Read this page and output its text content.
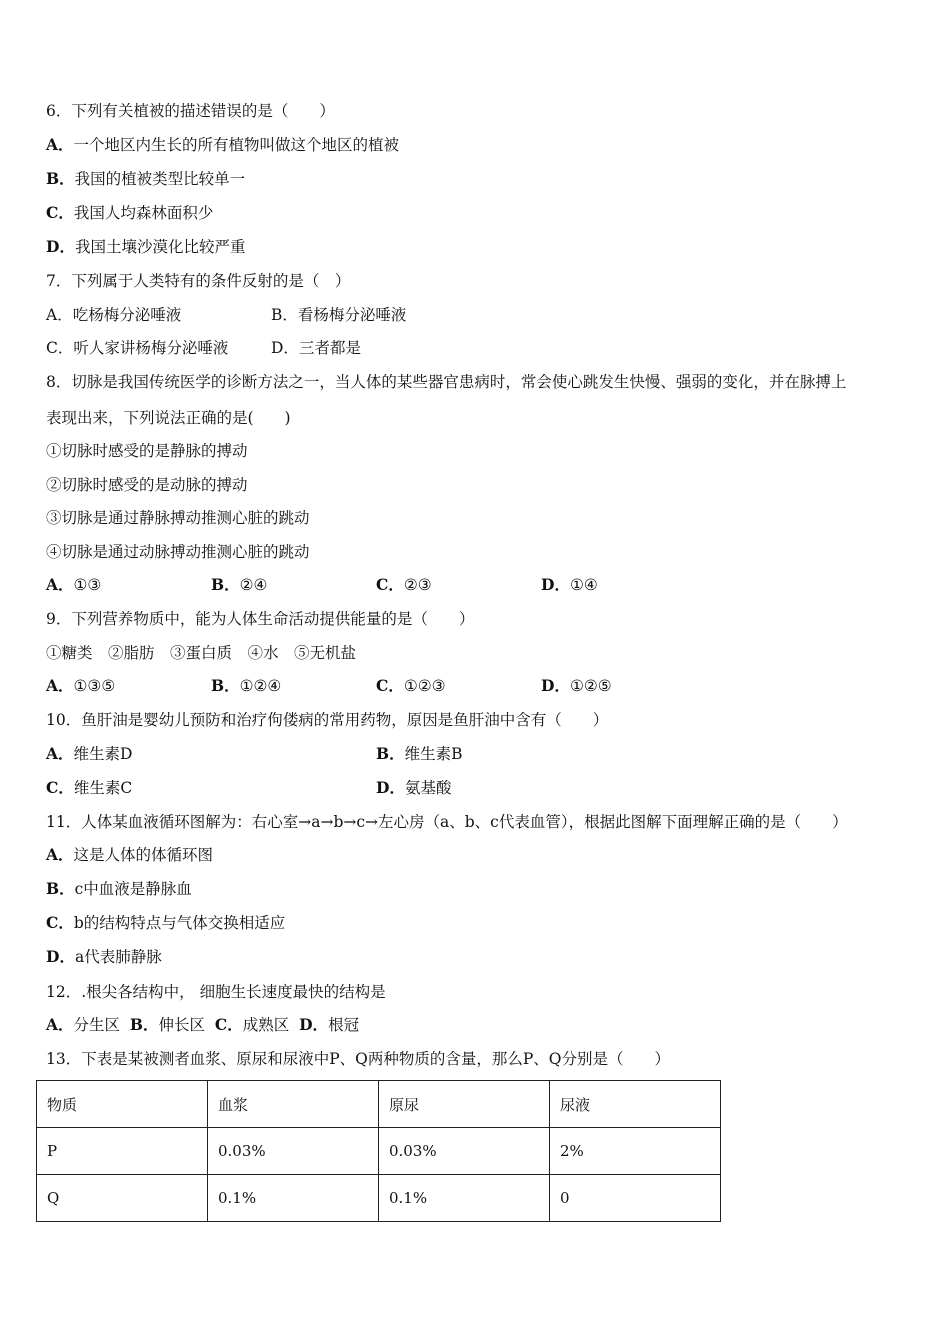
6．下列有关植被的描述错误的是（　　）

A．一个地区内生长的所有植物叫做这个地区的植被

B．我国的植被类型比较单一

C．我国人均森林面积少

D．我国土壤沙漠化比较严重

7．下列属于人类特有的条件反射的是（　）

A．吃杨梅分泌唾液	B．看杨梅分泌唾液
C．听人家讲杨梅分泌唾液	D．三者都是

8．切脉是我国传统医学的诊断方法之一，当人体的某些器官患病时，常会使心跳发生快慢、强弱的变化，并在脉搏上

表现出来，下列说法正确的是(　　)

①切脉时感受的是静脉的搏动

②切脉时感受的是动脉的搏动

③切脉是通过静脉搏动推测心脏的跳动

④切脉是通过动脉搏动推测心脏的跳动

A．①③	B．②④	C．②③	D．①④

9．下列营养物质中，能为人体生命活动提供能量的是（　　）

①糖类　②脂肪　③蛋白质　④水　⑤无机盐

A．①③⑤	B．①②④	C．①②③	D．①②⑤

10．鱼肝油是婴幼儿预防和治疗佝偻病的常用药物，原因是鱼肝油中含有（　　）

A．维生素D	B．维生素B
C．维生素C	D．氨基酸

11．人体某血液循环图解为：右心室→a→b→c→左心房（a、b、c代表血管），根据此图解下面理解正确的是（　　）

A．这是人体的体循环图

B．c中血液是静脉血

C．b的结构特点与气体交换相适应

D．a代表肺静脉

12．.根尖各结构中， 细胞生长速度最快的结构是

A．分生区 B．伸长区 C．成熟区 D．根冠

13．下表是某被测者血浆、原尿和尿液中P、Q两种物质的含量，那么P、Q分别是（　　）

物质	血浆	原尿	尿液
P	0.03%	0.03%	2%
Q	0.1%	0.1%	0
